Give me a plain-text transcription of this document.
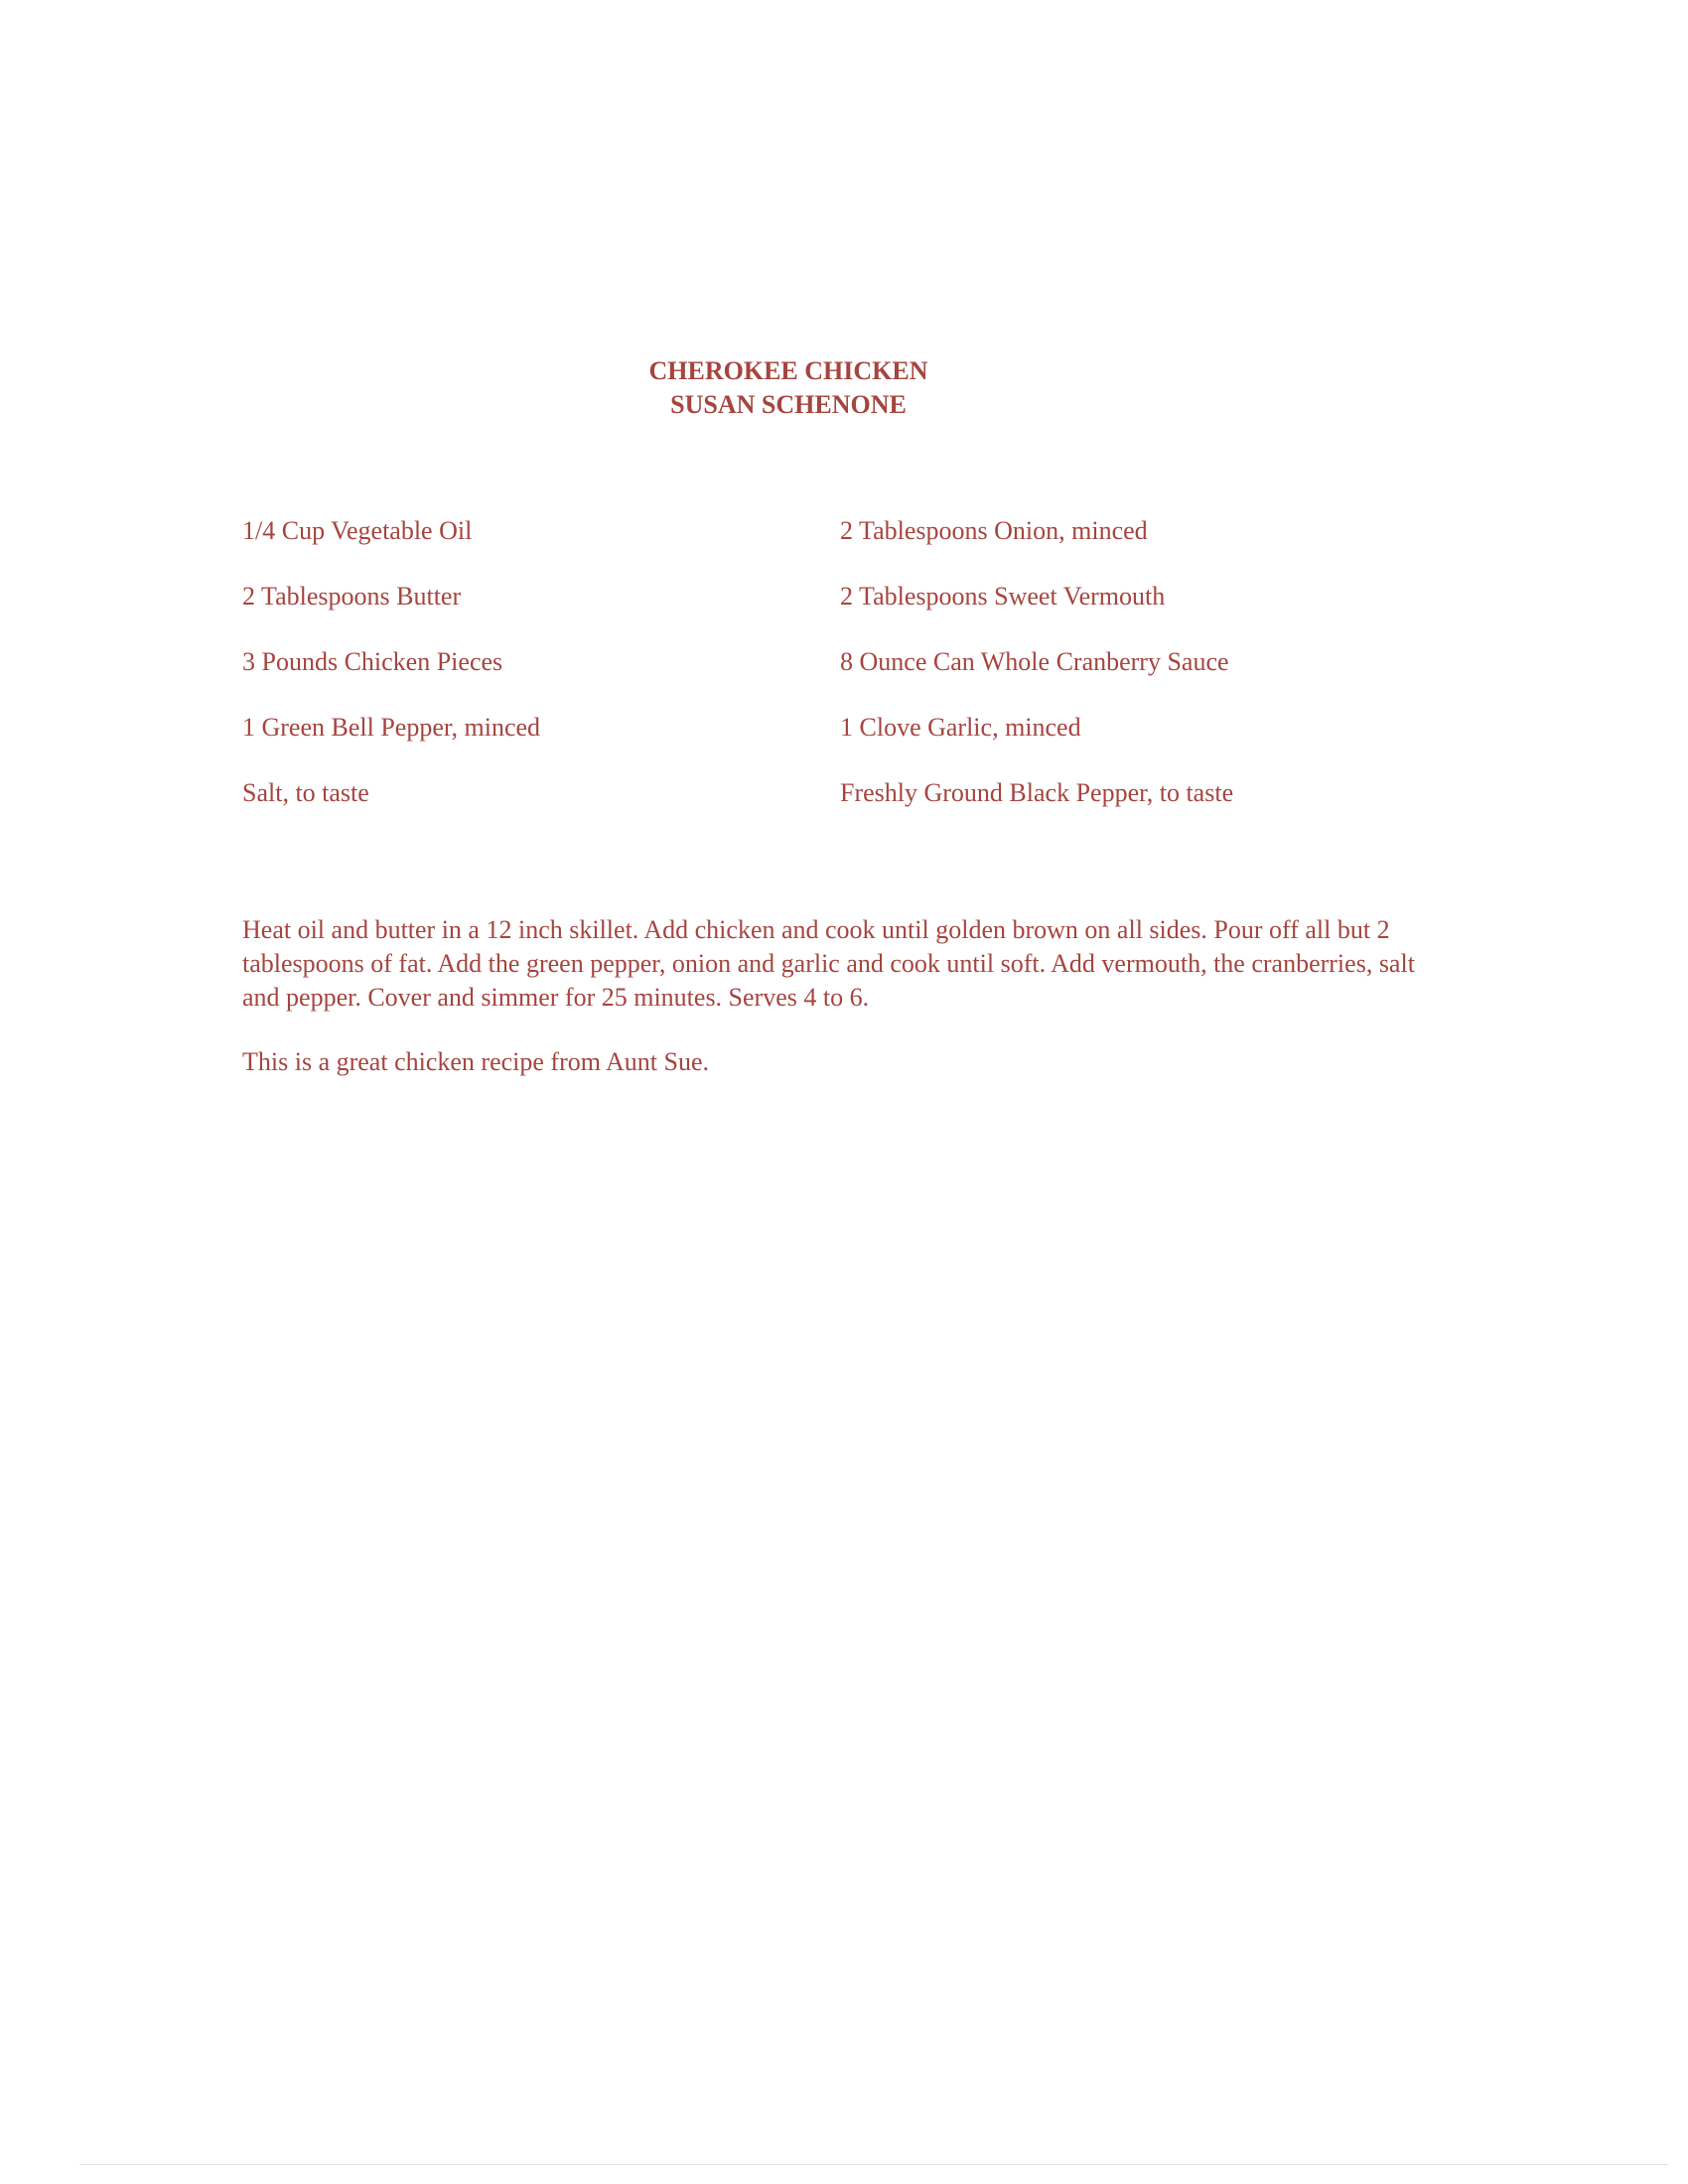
CHEROKEE CHICKEN
SUSAN SCHENONE
1/4 Cup Vegetable Oil	2 Tablespoons Onion, minced
2 Tablespoons Butter	2 Tablespoons Sweet Vermouth
3 Pounds Chicken Pieces	8 Ounce Can Whole Cranberry Sauce
1 Green Bell Pepper, minced	1 Clove Garlic, minced
Salt, to taste	Freshly Ground Black Pepper, to taste
Heat oil and butter in a 12 inch skillet. Add chicken and cook until golden brown on all sides. Pour off all but 2 tablespoons of fat. Add the green pepper, onion and garlic and cook until soft. Add vermouth, the cranberries, salt and pepper. Cover and simmer for 25 minutes. Serves 4 to 6.
This is a great chicken recipe from Aunt Sue.
